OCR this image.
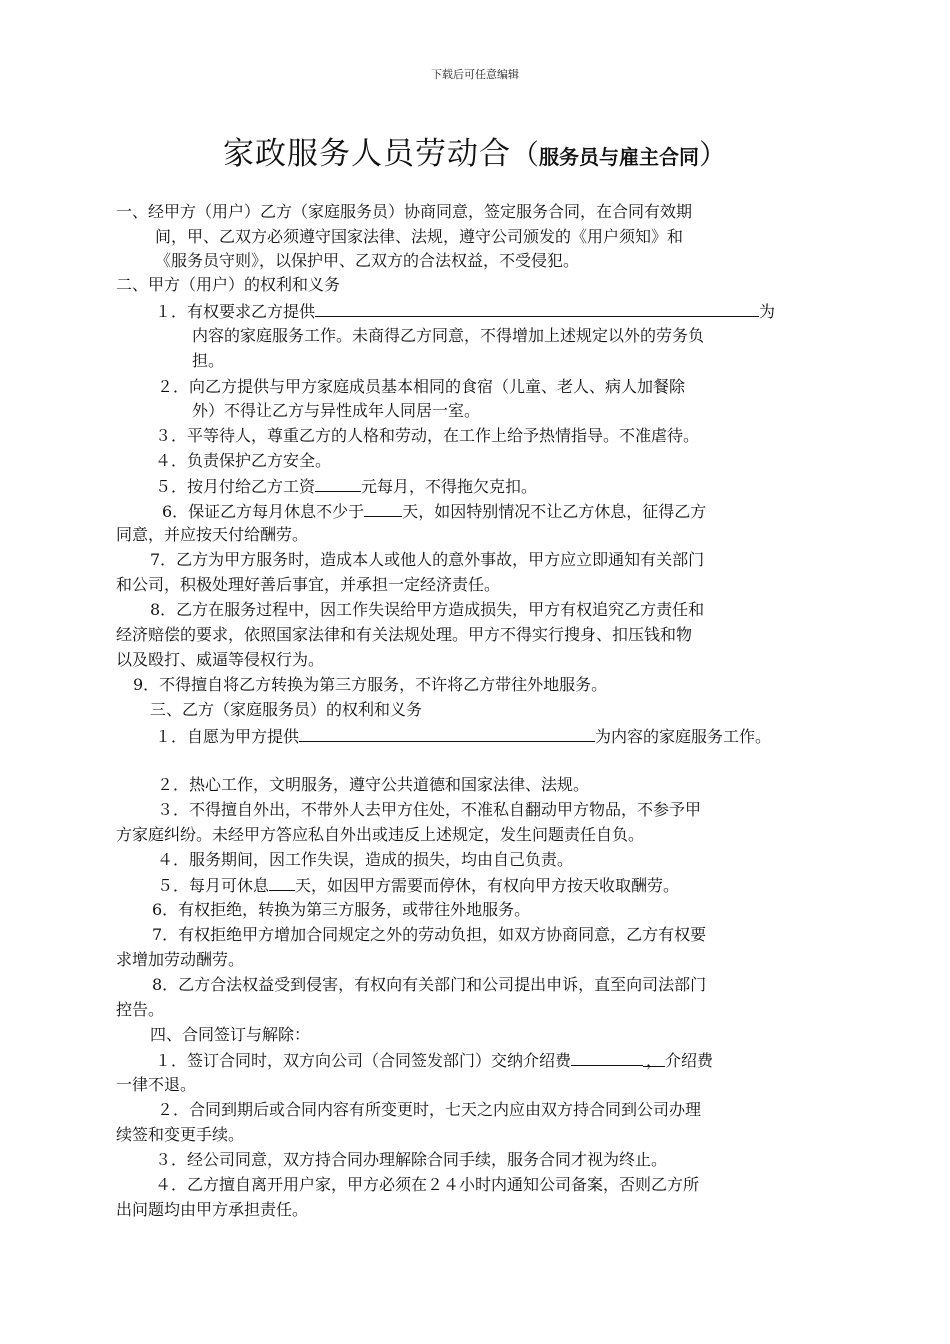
下载后可任意编辑
家政服务人员劳动合（服务员与雇主合同）
一、经甲方（用户）乙方（家庭服务员）协商同意，签定服务合同，在合同有效期
间，甲、乙双方必须遵守国家法律、法规，遵守公司颁发的《用户须知》和
《服务员守则》，以保护甲、乙双方的合法权益，不受侵犯。
二、甲方（用户）的权利和义务
１．有权要求乙方提供	为
内容的家庭服务工作。未商得乙方同意，不得增加上述规定以外的劳务负
担。
２．向乙方提供与甲方家庭成员基本相同的食宿（儿童、老人、病人加餐除
外）不得让乙方与异性成年人同居一室。
３．平等待人，尊重乙方的人格和劳动，在工作上给予热情指导。不准虐待。
４．负责保护乙方安全。
５．按月付给乙方工资	元每月，不得拖欠克扣。
6．保证乙方每月休息不少于 天，如因特别情况不让乙方休息，征得乙方
同意，并应按天付给酬劳。
7．乙方为甲方服务时，造成本人或他人的意外事故，甲方应立即通知有关部门
和公司，积极处理好善后事宜，并承担一定经济责任。
8．乙方在服务过程中，因工作失误给甲方造成损失，甲方有权追究乙方责任和
经济赔偿的要求，依照国家法律和有关法规处理。甲方不得实行搜身、扣压钱和物
以及殴打、威逼等侵权行为。
9．不得擅自将乙方转换为第三方服务，不许将乙方带往外地服务。
三、乙方（家庭服务员）的权利和义务
１．自愿为甲方提供	为内容的家庭服务工作。
２．热心工作，文明服务，遵守公共道德和国家法律、法规。
３．不得擅自外出，不带外人去甲方住处，不准私自翻动甲方物品，不参予甲
方家庭纠纷。未经甲方答应私自外出或违反上述规定，发生问题责任自负。
４．服务期间，因工作失误，造成的损失，均由自己负责。
５．每月可休息 天，如因甲方需要而停休，有权向甲方按天收取酬劳。
6．有权拒绝，转换为第三方服务，或带往外地服务。
7．有权拒绝甲方增加合同规定之外的劳动负担，如双方协商同意，乙方有权要
求增加劳动酬劳。
8．乙方合法权益受到侵害，有权向有关部门和公司提出申诉，直至向司法部门
控告。
四、合同签订与解除：
１．签订合同时，双方向公司（合同签发部门）交纳介绍费	， 介绍费
一律不退。
２．合同到期后或合同内容有所变更时，七天之内应由双方持合同到公司办理
续签和变更手续。
３．经公司同意，双方持合同办理解除合同手续，服务合同才视为终止。
４．乙方擅自离开用户家，甲方必须在２４小时内通知公司备案，否则乙方所
出问题均由甲方承担责任。
